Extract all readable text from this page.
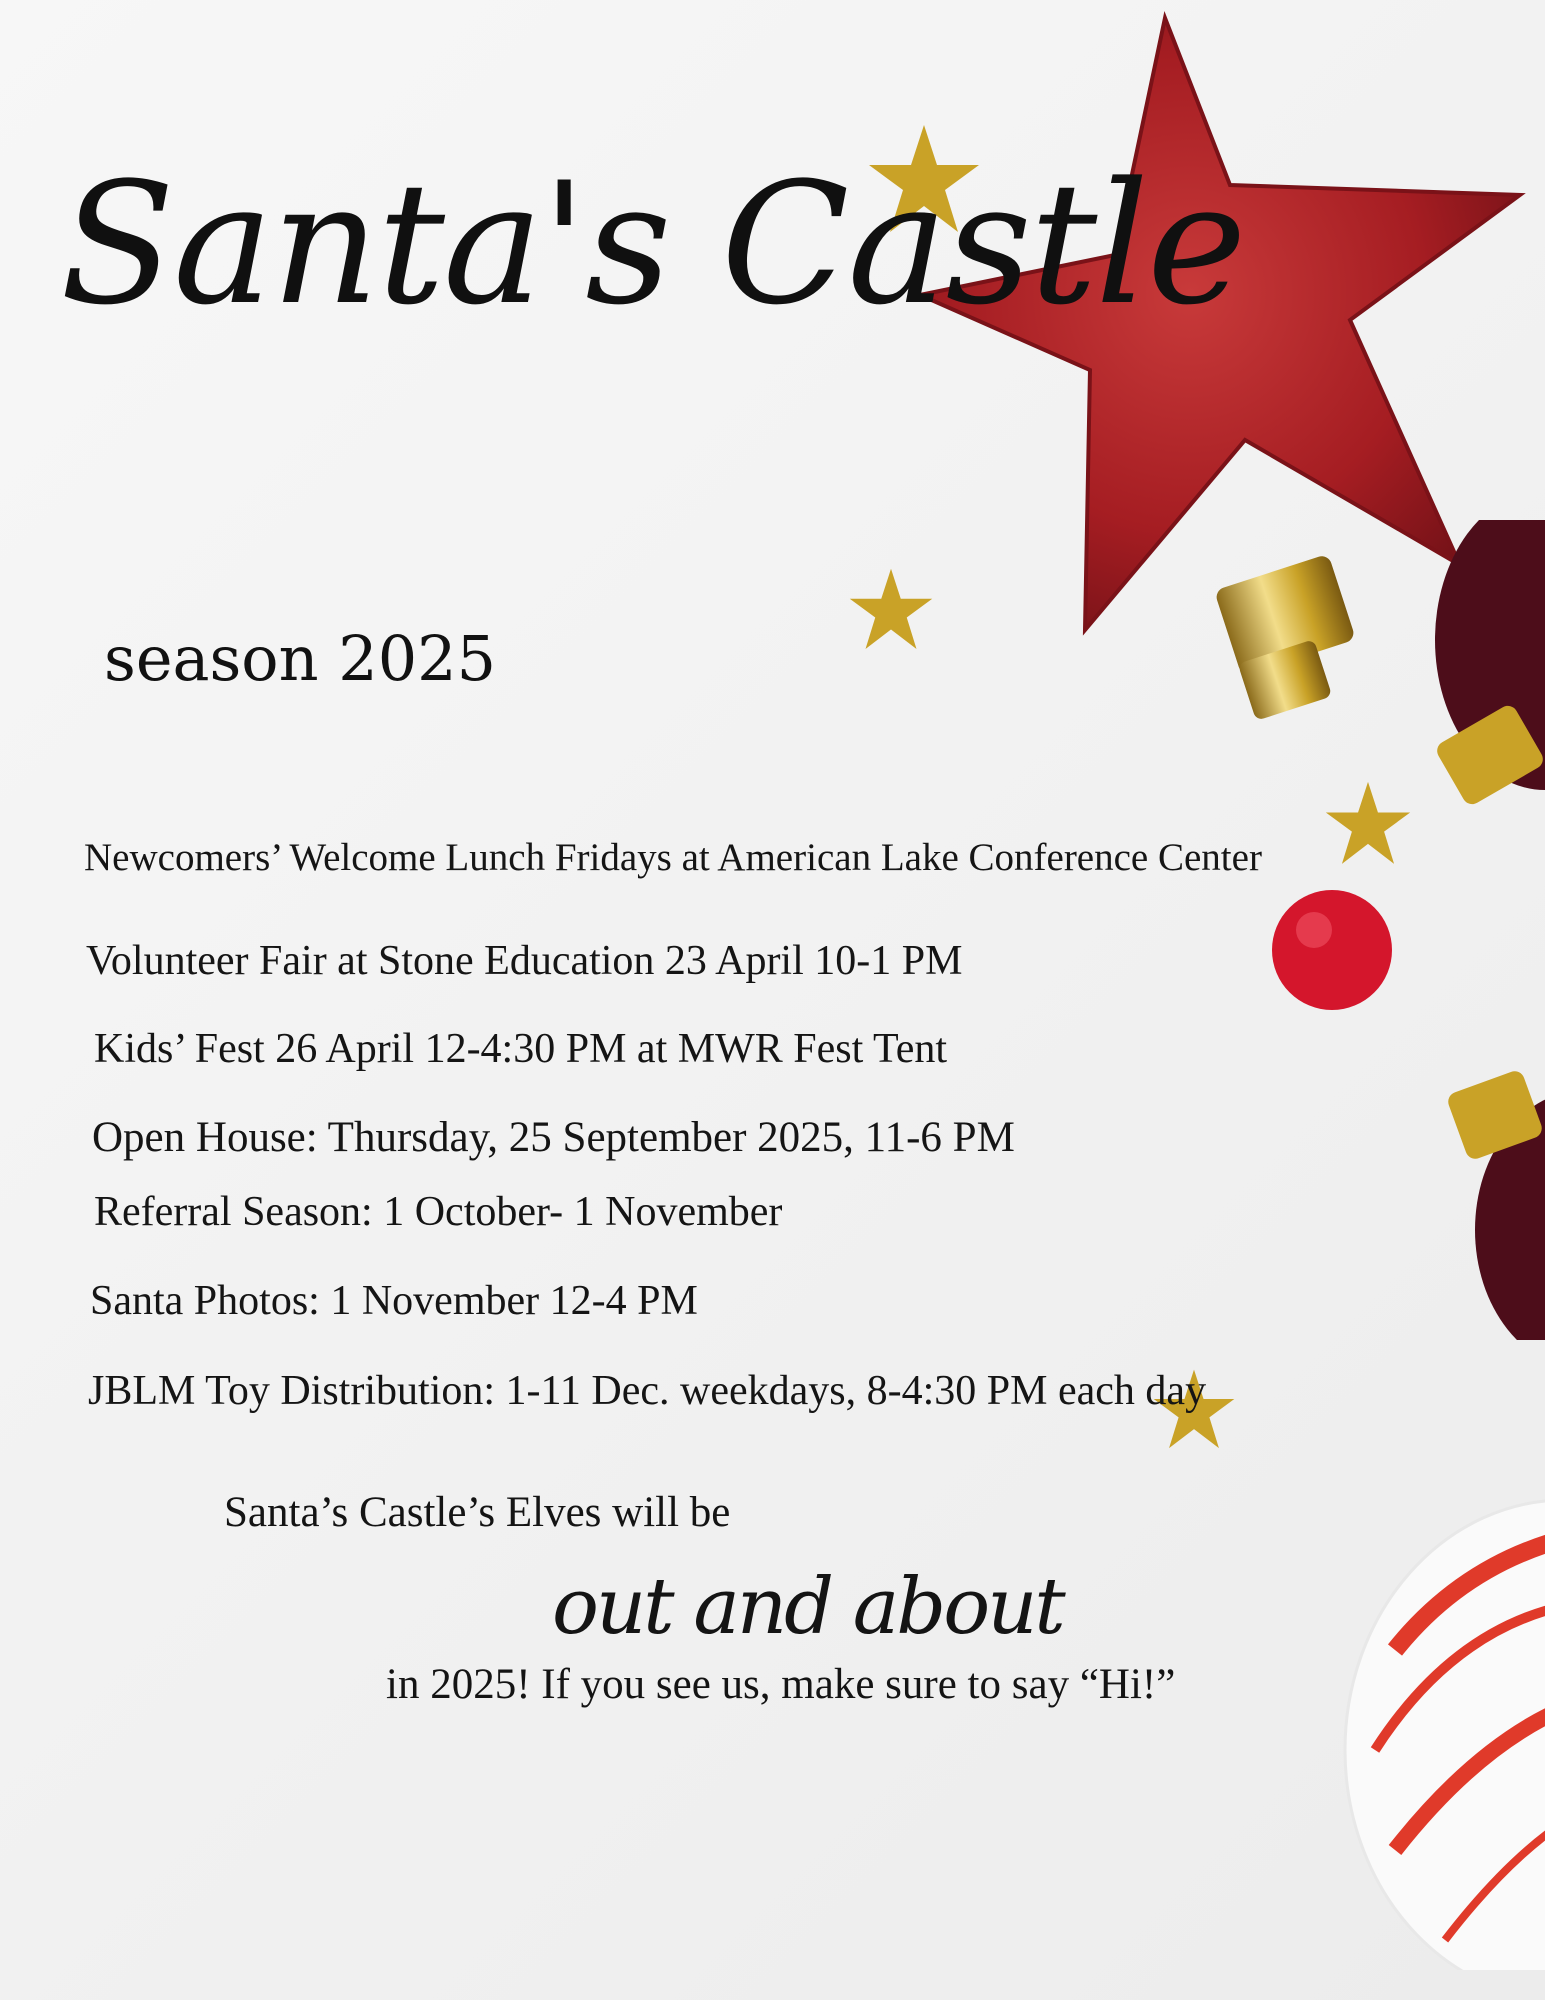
Santa's Castle
season 2025
Newcomers’ Welcome Lunch Fridays at American Lake Conference Center
Volunteer Fair at Stone Education 23 April 10-1 PM
Kids’ Fest 26 April 12-4:30 PM at MWR Fest Tent
Open House: Thursday, 25 September 2025, 11-6 PM
Referral Season: 1 October- 1 November
Santa Photos: 1 November 12-4 PM
JBLM Toy Distribution: 1-11 Dec. weekdays, 8-4:30 PM each day
Santa’s Castle’s Elves will be
out and about
in 2025! If you see us, make sure to say “Hi!”
